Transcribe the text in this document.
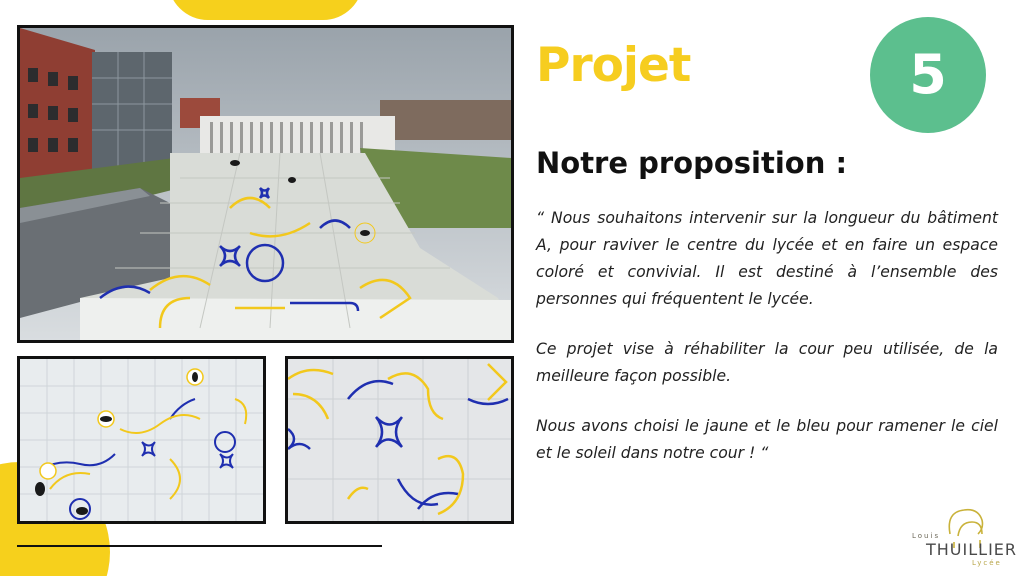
Projet	5
Notre proposition :

“ Nous souhaitons intervenir sur la longueur du bâtiment A, pour raviver le centre du lycée et en faire un espace coloré et convivial. Il est destiné à l’ensemble des personnes qui fréquentent le lycée.

Ce projet vise à réhabiliter la cour peu utilisée, de la meilleure façon possible.

Nous avons choisi le jaune et le bleu pour ramener le ciel et le soleil dans notre cour ! “

Louis
THUILLIER
Lycée
